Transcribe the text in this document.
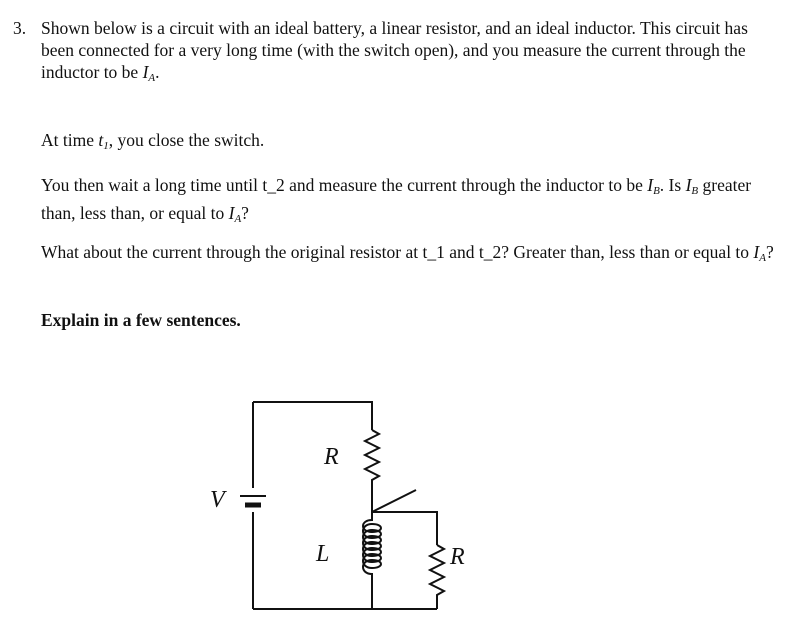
3. Shown below is a circuit with an ideal battery, a linear resistor, and an ideal inductor. This circuit has been connected for a very long time (with the switch open), and you measure the current through the inductor to be $I_A$.

At time $t_1$, you close the switch.

You then wait a long time until t_2 and measure the current through the inductor to be $I_B$. Is $I_B$ greater than, less than, or equal to $I_A$?

What about the current through the original resistor at t_1 and t_2? Greater than, less than or equal to $I_A$?

Explain in a few sentences.

V
R
L	R
